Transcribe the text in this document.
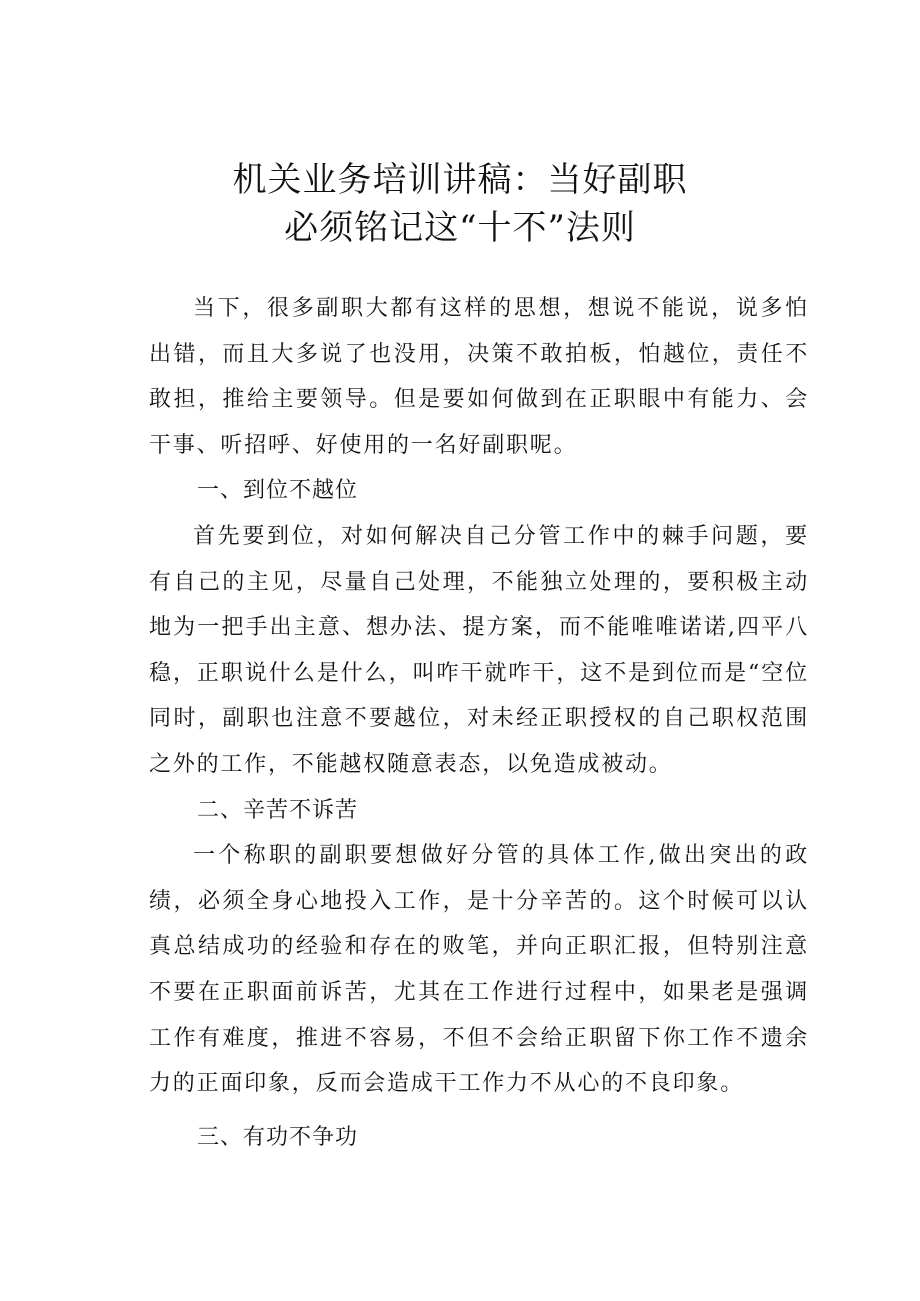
机关业务培训讲稿：当好副职
必须铭记这“十不”法则

当下，很多副职大都有这样的思想，想说不能说，说多怕出错，而且大多说了也没用，决策不敢拍板，怕越位，责任不敢担，推给主要领导。但是要如何做到在正职眼中有能力、会干事、听招呼、好使用的一名好副职呢。

一、到位不越位

首先要到位，对如何解决自己分管工作中的棘手问题，要有自己的主见，尽量自己处理，不能独立处理的，要积极主动地为一把手出主意、想办法、提方案，而不能唯唯诺诺,四平八稳，正职说什么是什么，叫咋干就咋干，这不是到位而是“空位同时，副职也注意不要越位，对未经正职授权的自己职权范围之外的工作，不能越权随意表态，以免造成被动。

二、辛苦不诉苦

一个称职的副职要想做好分管的具体工作,做出突出的政绩，必须全身心地投入工作，是十分辛苦的。这个时候可以认真总结成功的经验和存在的败笔，并向正职汇报，但特别注意不要在正职面前诉苦，尤其在工作进行过程中，如果老是强调工作有难度，推进不容易，不但不会给正职留下你工作不遗余力的正面印象，反而会造成干工作力不从心的不良印象。

三、有功不争功
